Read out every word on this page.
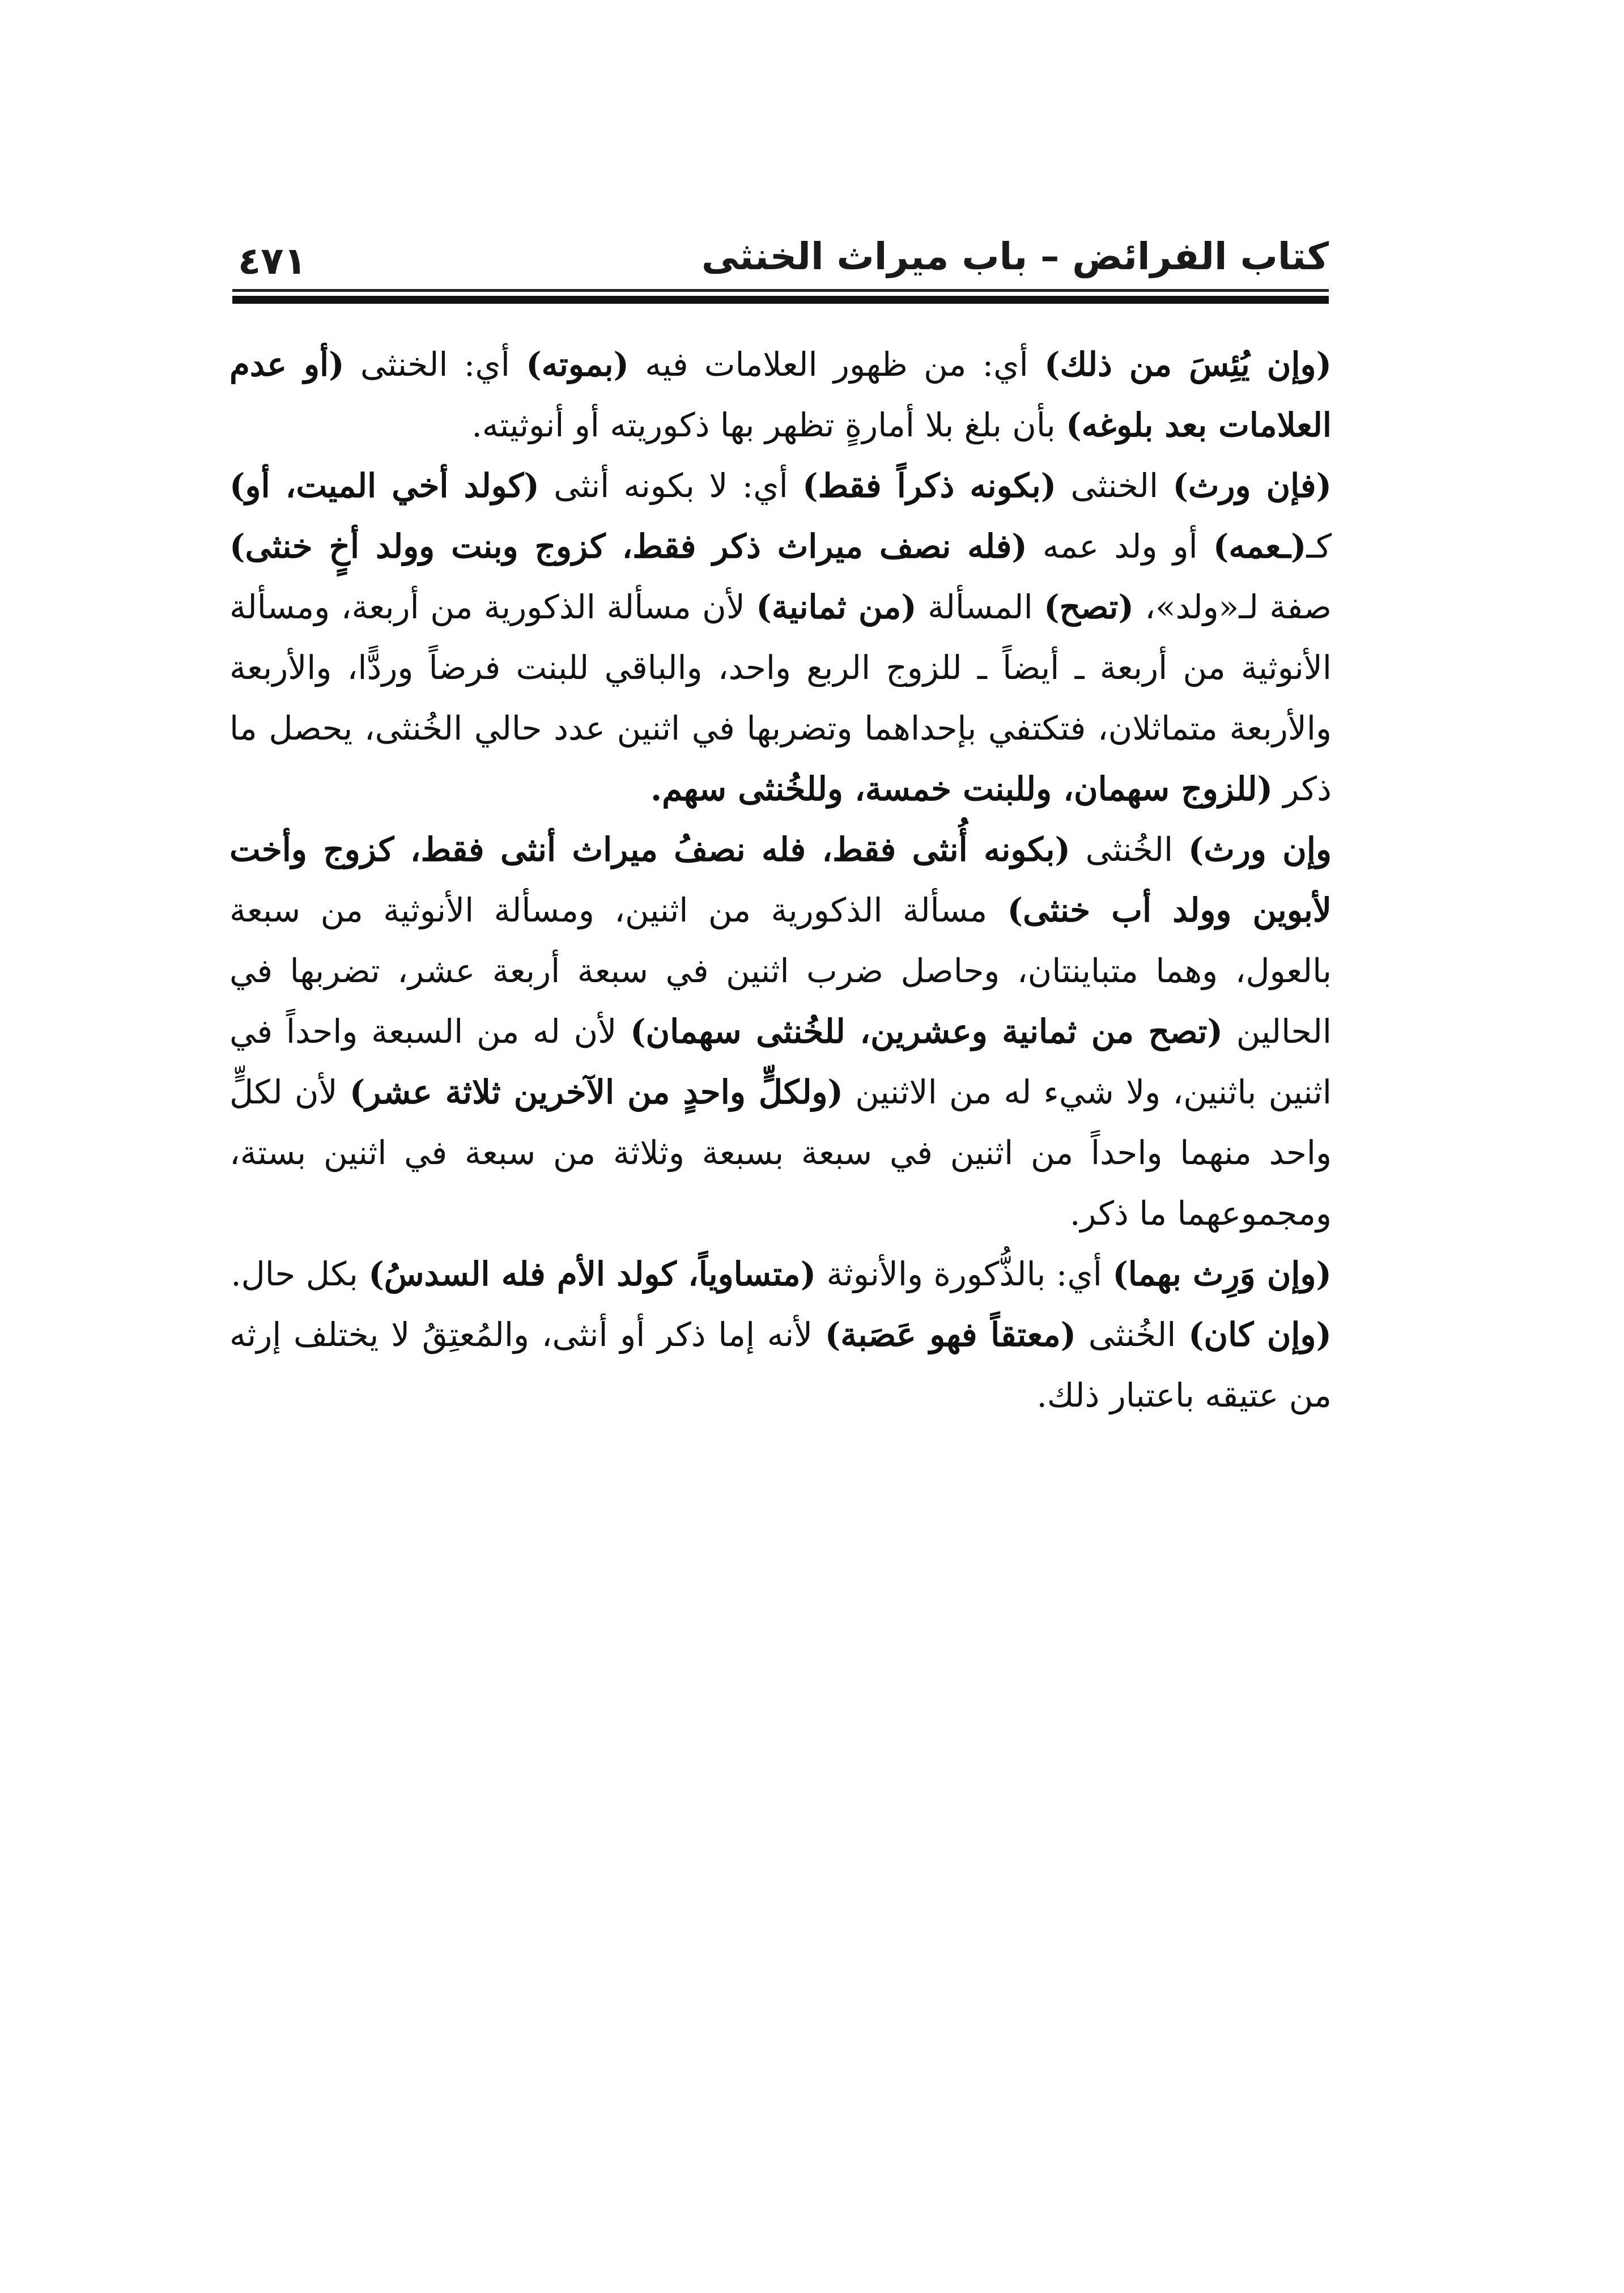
٤٧١	كتاب الفرائض – باب ميراث الخنثى

(وإن يُئِسَ من ذلك) أي: من ظهور العلامات فيه (بموته) أي: الخنثى (أو عدم العلامات بعد بلوغه) بأن بلغ بلا أمارةٍ تظهر بها ذكوريته أو أنوثيته.

(فإن ورث) الخنثى (بكونه ذكراً فقط) أي: لا بكونه أنثى (كولد أخي الميت، أو) كـ(ـعمه) أو ولد عمه (فله نصف ميراث ذكر فقط، كزوج وبنت وولد أخٍ خنثى) صفة لـ«ولد»، (تصح) المسألة (من ثمانية) لأن مسألة الذكورية من أربعة، ومسألة الأنوثية من أربعة ـ أيضاً ـ للزوج الربع واحد، والباقي للبنت فرضاً وردًّا، والأربعة والأربعة متماثلان، فتكتفي بإحداهما وتضربها في اثنين عدد حالي الخُنثى، يحصل ما ذكر (للزوج سهمان، وللبنت خمسة، وللخُنثى سهم.

وإن ورث) الخُنثى (بكونه أُنثى فقط، فله نصفُ ميراث أنثى فقط، كزوج وأخت لأبوين وولد أب خنثى) مسألة الذكورية من اثنين، ومسألة الأنوثية من سبعة بالعول، وهما متباينتان، وحاصل ضرب اثنين في سبعة أربعة عشر، تضربها في الحالين (تصح من ثمانية وعشرين، للخُنثى سهمان) لأن له من السبعة واحداً في اثنين باثنين، ولا شيء له من الاثنين (ولكلٍّ واحدٍ من الآخرين ثلاثة عشر) لأن لكلٍّ واحد منهما واحداً من اثنين في سبعة بسبعة وثلاثة من سبعة في اثنين بستة، ومجموعهما ما ذكر.

(وإن وَرِث بهما) أي: بالذُّكورة والأنوثة (متساوياً، كولد الأم فله السدسُ) بكل حال.

(وإن كان) الخُنثى (معتقاً فهو عَصَبة) لأنه إما ذكر أو أنثى، والمُعتِقُ لا يختلف إرثه من عتيقه باعتبار ذلك.
